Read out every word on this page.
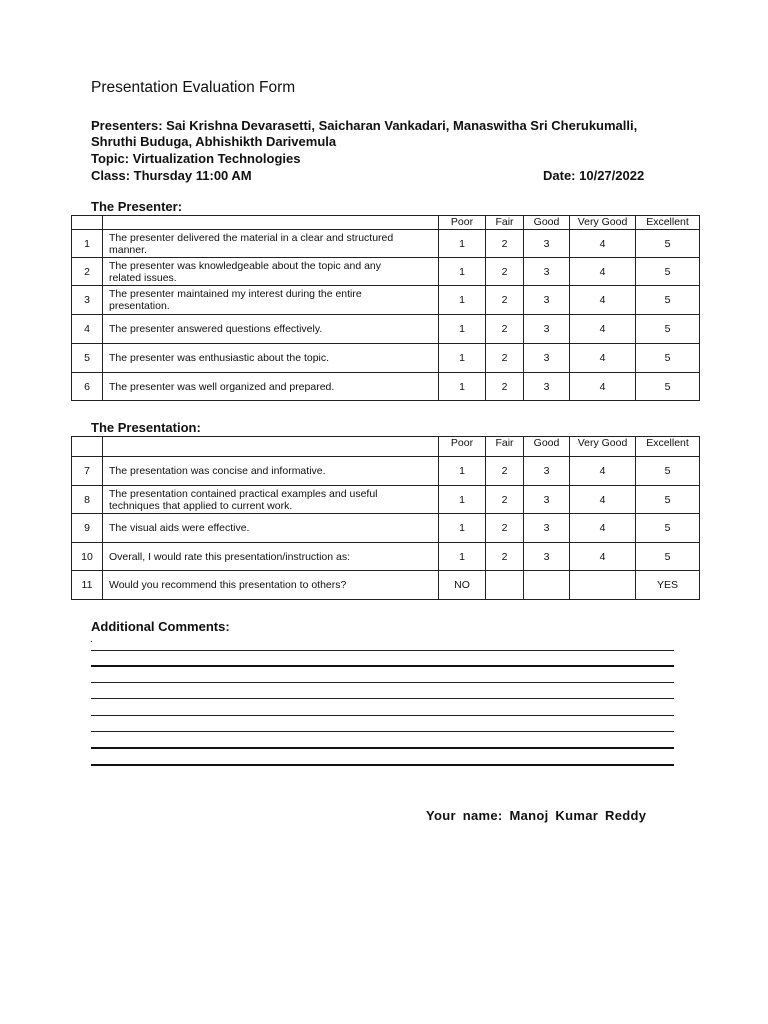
Presentation Evaluation Form
Presenters: Sai Krishna Devarasetti, Saicharan Vankadari, Manaswitha Sri Cherukumalli,
Shruthi Buduga, Abhishikth Darivemula
Topic: Virtualization Technologies
Class: Thursday 11:00 AM	Date: 10/27/2022
The Presenter:
		Poor	Fair	Good	Very Good	Excellent
1	The presenter delivered the material in a clear and structured
manner.	1	2	3	4	5
2	The presenter was knowledgeable about the topic and any
related issues.	1	2	3	4	5
3	The presenter maintained my interest during the entire
presentation.	1	2	3	4	5
4	The presenter answered questions effectively.	1	2	3	4	5
5	The presenter was enthusiastic about the topic.	1	2	3	4	5
6	The presenter was well organized and prepared.	1	2	3	4	5
The Presentation:
		Poor	Fair	Good	Very Good	Excellent
7	The presentation was concise and informative.	1	2	3	4	5
8	The presentation contained practical examples and useful
techniques that applied to current work.	1	2	3	4	5
9	The visual aids were effective.	1	2	3	4	5
10	Overall, I would rate this presentation/instruction as:	1	2	3	4	5
11	Would you recommend this presentation to others?	NO				YES
Additional Comments:
.
Your name: Manoj Kumar Reddy
